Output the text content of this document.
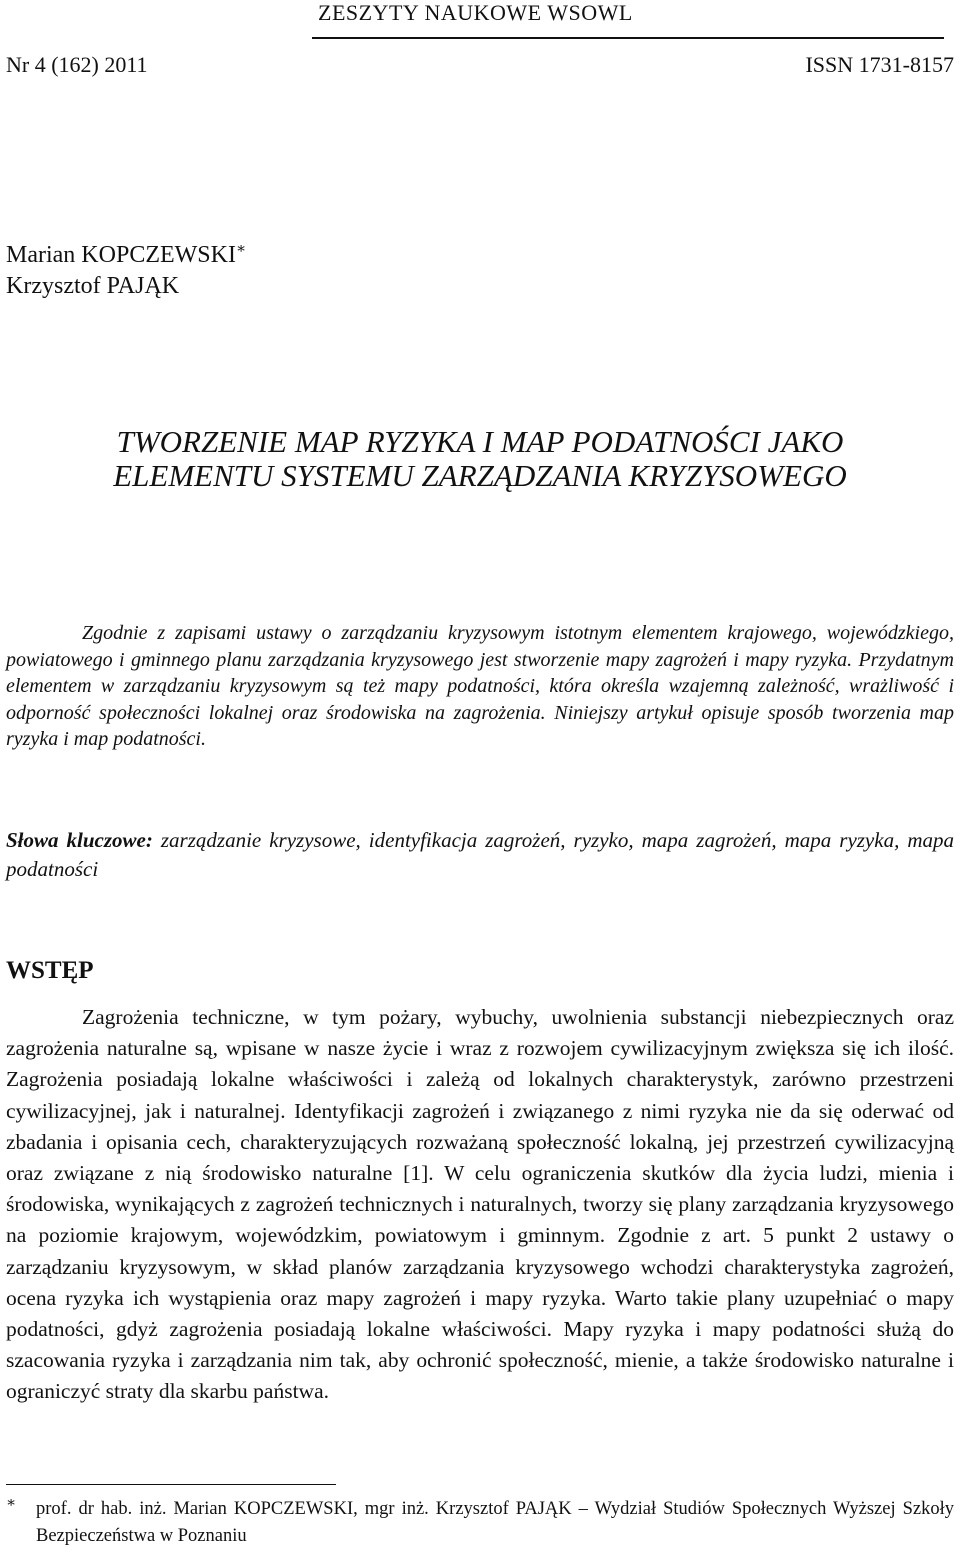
ZESZYTY NAUKOWE WSOWL
Nr 4 (162) 2011	ISSN 1731-8157
Marian KOPCZEWSKI∗
Krzysztof PAJĄK
TWORZENIE MAP RYZYKA I MAP PODATNOŚCI JAKO
ELEMENTU SYSTEMU ZARZĄDZANIA KRYZYSOWEGO
Zgodnie z zapisami ustawy o zarządzaniu kryzysowym istotnym elementem krajowego, wojewódzkiego, powiatowego i gminnego planu zarządzania kryzysowego jest stworzenie mapy zagrożeń i mapy ryzyka. Przydatnym elementem w zarządzaniu kryzysowym są też mapy podatności, która określa wzajemną zależność, wrażliwość i odporność społeczności lokalnej oraz środowiska na zagrożenia. Niniejszy artykuł opisuje sposób tworzenia map ryzyka i map podatności.
Słowa kluczowe: zarządzanie kryzysowe, identyfikacja zagrożeń, ryzyko, mapa zagrożeń, mapa ryzyka, mapa podatności
WSTĘP
Zagrożenia techniczne, w tym pożary, wybuchy, uwolnienia substancji niebezpiecznych oraz zagrożenia naturalne są, wpisane w nasze życie i wraz z rozwojem cywilizacyjnym zwiększa się ich ilość. Zagrożenia posiadają lokalne właściwości i zależą od lokalnych charakterystyk, zarówno przestrzeni cywilizacyjnej, jak i naturalnej. Identyfikacji zagrożeń i związanego z nimi ryzyka nie da się oderwać od zbadania i opisania cech, charakteryzujących rozważaną społeczność lokalną, jej przestrzeń cywilizacyjną oraz związane z nią środowisko naturalne [1]. W celu ograniczenia skutków dla życia ludzi, mienia i środowiska, wynikających z zagrożeń technicznych i naturalnych, tworzy się plany zarządzania kryzysowego na poziomie krajowym, wojewódzkim, powiatowym i gminnym. Zgodnie z art. 5 punkt 2 ustawy o zarządzaniu kryzysowym, w skład planów zarządzania kryzysowego wchodzi charakterystyka zagrożeń, ocena ryzyka ich wystąpienia oraz mapy zagrożeń i mapy ryzyka. Warto takie plany uzupełniać o mapy podatności, gdyż zagrożenia posiadają lokalne właściwości. Mapy ryzyka i mapy podatności służą do szacowania ryzyka i zarządzania nim tak, aby ochronić społeczność, mienie, a także środowisko naturalne i ograniczyć straty dla skarbu państwa.
∗ prof. dr hab. inż. Marian KOPCZEWSKI, mgr inż. Krzysztof PAJĄK – Wydział Studiów Społecznych Wyższej Szkoły Bezpieczeństwa w Poznaniu
